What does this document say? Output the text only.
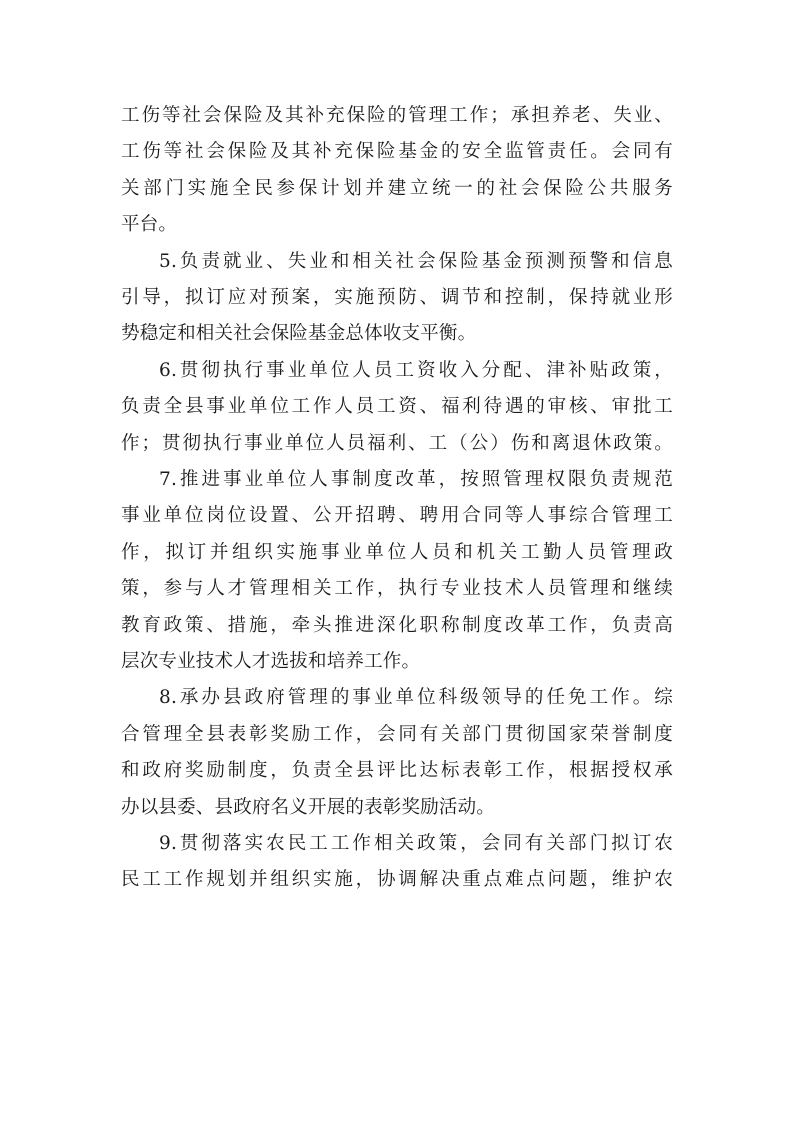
工伤等社会保险及其补充保险的管理工作；承担养老、失业、
工伤等社会保险及其补充保险基金的安全监管责任。会同有
关部门实施全民参保计划并建立统一的社会保险公共服务
平台。
5.负责就业、失业和相关社会保险基金预测预警和信息
引导，拟订应对预案，实施预防、调节和控制，保持就业形
势稳定和相关社会保险基金总体收支平衡。
6.贯彻执行事业单位人员工资收入分配、津补贴政策，
负责全县事业单位工作人员工资、福利待遇的审核、审批工
作；贯彻执行事业单位人员福利、工（公）伤和离退休政策。
7.推进事业单位人事制度改革，按照管理权限负责规范
事业单位岗位设置、公开招聘、聘用合同等人事综合管理工
作，拟订并组织实施事业单位人员和机关工勤人员管理政
策，参与人才管理相关工作，执行专业技术人员管理和继续
教育政策、措施，牵头推进深化职称制度改革工作，负责高
层次专业技术人才选拔和培养工作。
8.承办县政府管理的事业单位科级领导的任免工作。综
合管理全县表彰奖励工作，会同有关部门贯彻国家荣誉制度
和政府奖励制度，负责全县评比达标表彰工作，根据授权承
办以县委、县政府名义开展的表彰奖励活动。
9.贯彻落实农民工工作相关政策，会同有关部门拟订农
民工工作规划并组织实施，协调解决重点难点问题，维护农
